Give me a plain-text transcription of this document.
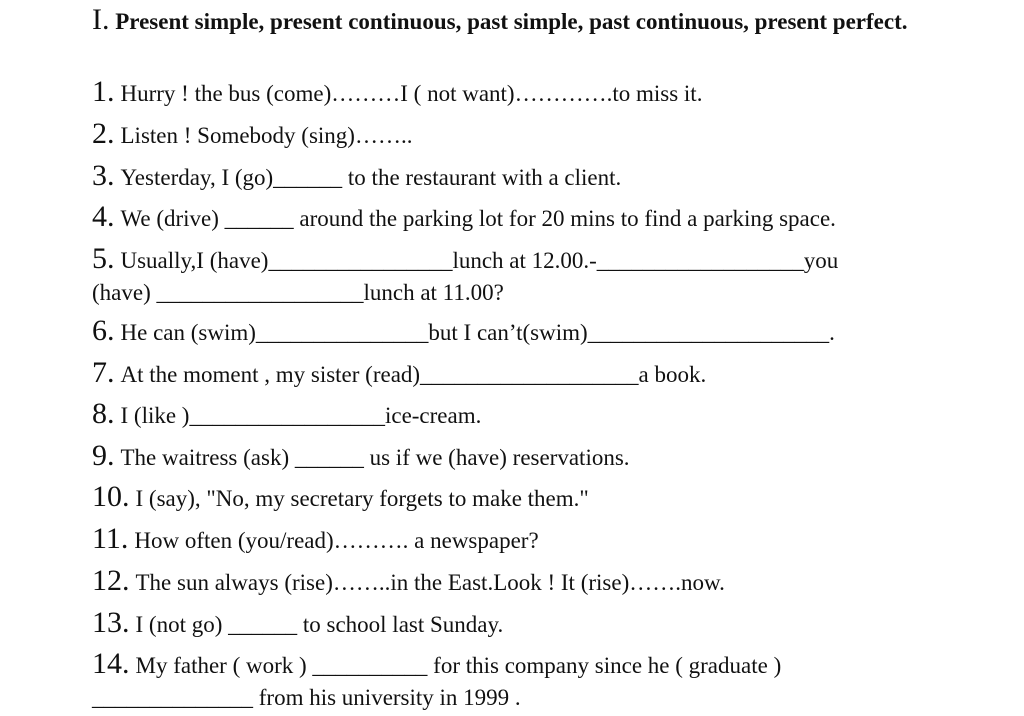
I. Present simple, present continuous, past simple, past continuous, present perfect.
1. Hurry ! the bus (come)………I ( not want)………….to miss it.
2. Listen ! Somebody (sing)……..
3. Yesterday, I (go)______ to the restaurant with a client.
4. We (drive) ______ around the parking lot for 20 mins to find a parking space.
5. Usually,I (have)________________lunch at 12.00.-__________________you
(have) __________________lunch at 11.00?
6. He can (swim)_______________but I can’t(swim)_____________________.
7. At the moment , my sister (read)___________________a book.
8. I (like )_________________ice-cream.
9. The waitress (ask) ______ us if we (have) reservations.
10. I (say), "No, my secretary forgets to make them."
11. How often (you/read)………. a newspaper?
12. The sun always (rise)……..in the East.Look ! It (rise)…….now.
13. I (not go) ______ to school last Sunday.
14. My father ( work ) __________ for this company since he ( graduate )
______________ from his university in 1999 .
